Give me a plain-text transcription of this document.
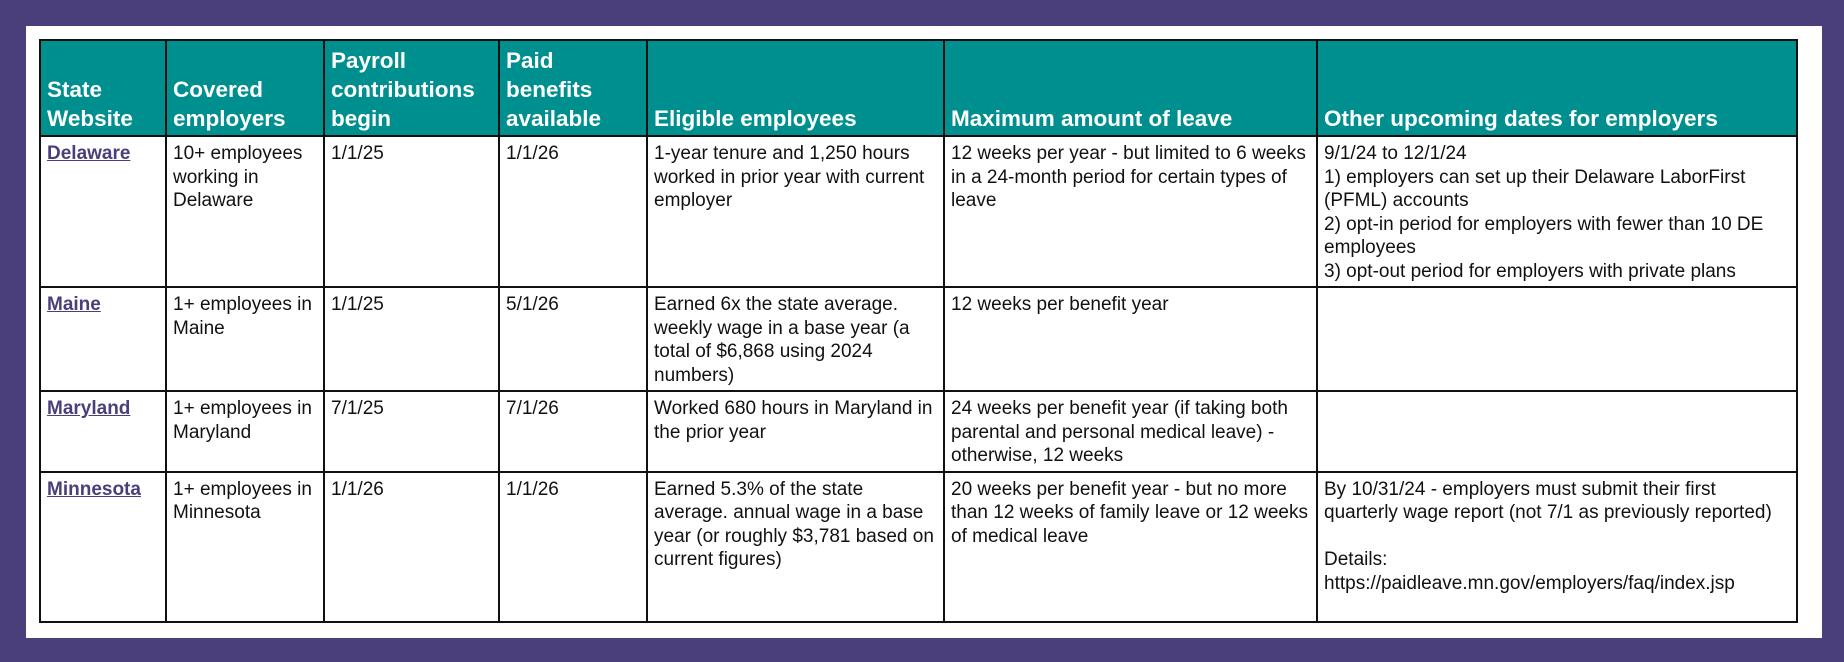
State Website	Covered employers	Payroll contributions begin	Paid benefits available	Eligible employees	Maximum amount of leave	Other upcoming dates for employers
Delaware	10+ employees working in Delaware	1/1/25	1/1/26	1-year tenure and 1,250 hours worked in prior year with current employer	12 weeks per year - but limited to 6 weeks in a 24-month period for certain types of leave	9/1/24 to 12/1/24
1) employers can set up their Delaware LaborFirst (PFML) accounts
2) opt-in period for employers with fewer than 10 DE employees
3) opt-out period for employers with private plans
Maine	1+ employees in Maine	1/1/25	5/1/26	Earned 6x the state average. weekly wage in a base year (a total of $6,868 using 2024 numbers)	12 weeks per benefit year	
Maryland	1+ employees in Maryland	7/1/25	7/1/26	Worked 680 hours in Maryland in the prior year	24 weeks per benefit year (if taking both parental and personal medical leave) - otherwise, 12 weeks	
Minnesota	1+ employees in Minnesota	1/1/26	1/1/26	Earned 5.3% of the state average. annual wage in a base year (or roughly $3,781 based on current figures)	20 weeks per benefit year - but no more than 12 weeks of family leave or 12 weeks of medical leave	By 10/31/24 - employers must submit their first quarterly wage report (not 7/1 as previously reported)

Details:
https://paidleave.mn.gov/employers/faq/index.jsp
